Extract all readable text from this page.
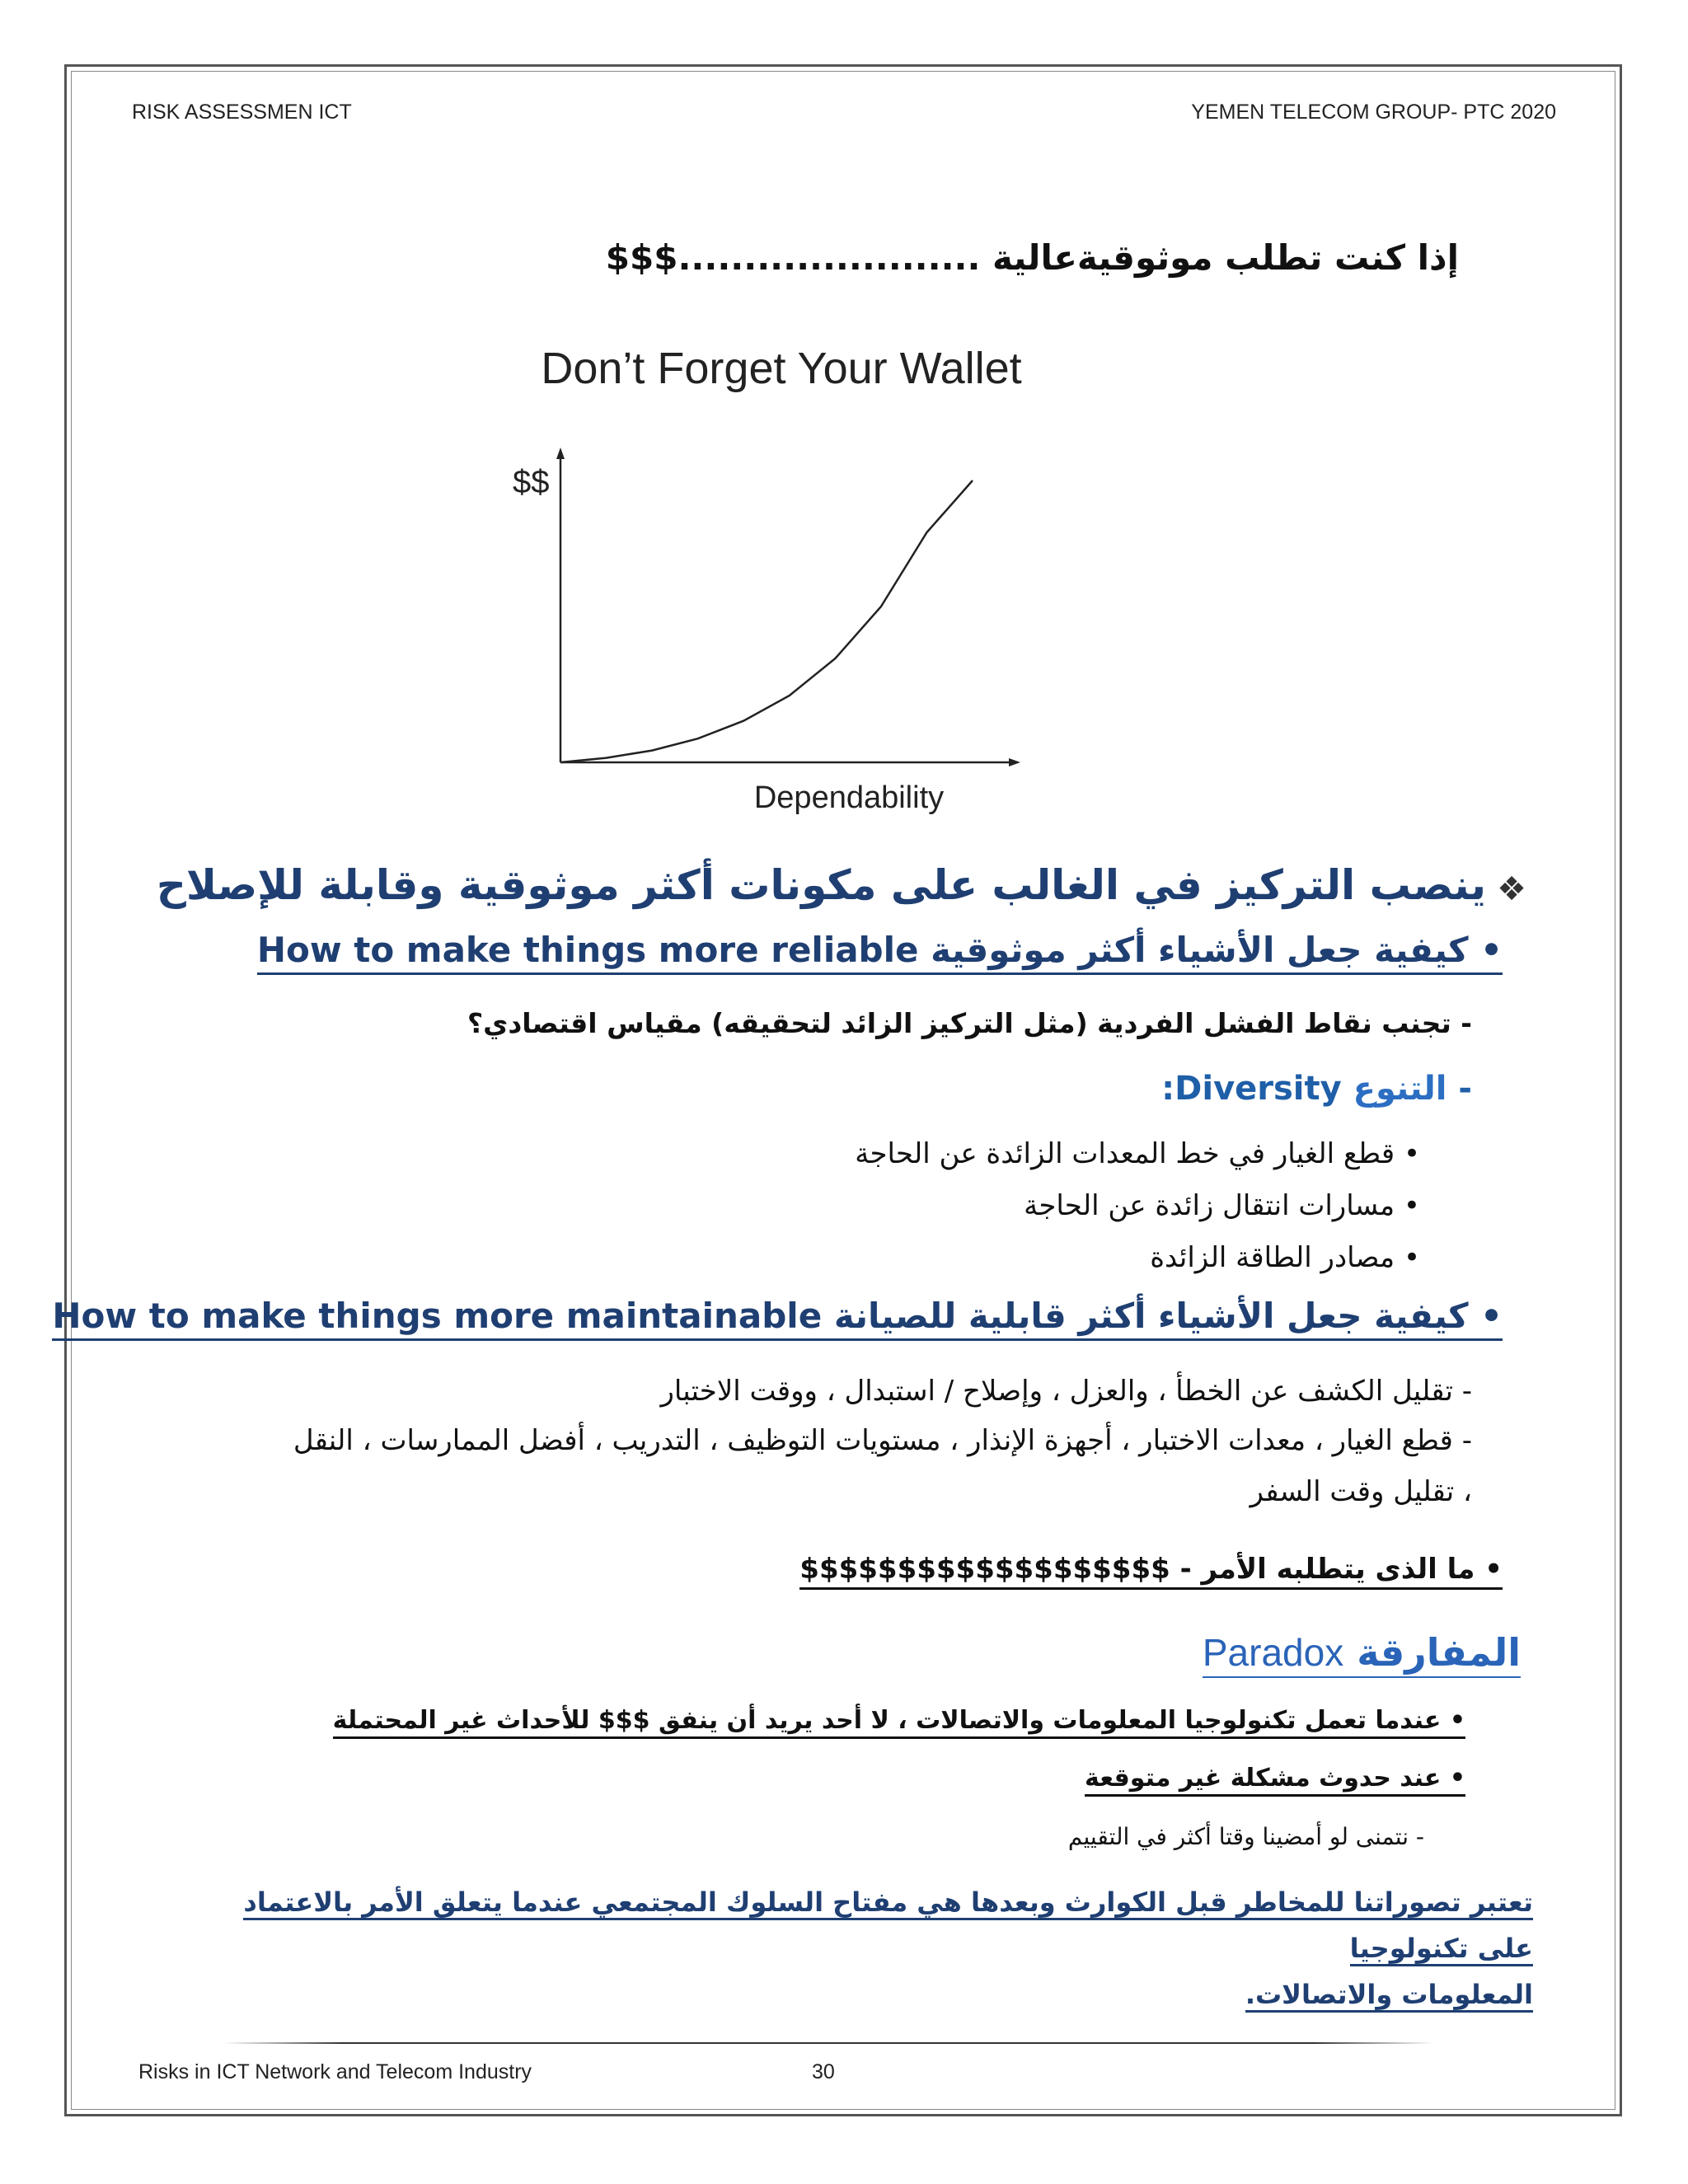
RISK ASSESSMEN ICT	YEMEN TELECOM GROUP- PTC 2020
إذا كنت تطلب موثوقيةعالية .......................$$$
Don’t Forget Your Wallet
$$
Dependability
❖
ينصب التركيز في الغالب على مكونات أكثر موثوقية وقابلة للإصلاح
• كيفية جعل الأشياء أكثر موثوقية How to make things more reliable
- تجنب نقاط الفشل الفردية (مثل التركيز الزائد لتحقيقه) مقياس اقتصادي؟
- التنوع Diversity:
• قطع الغيار في خط المعدات الزائدة عن الحاجة
• مسارات انتقال زائدة عن الحاجة
• مصادر الطاقة الزائدة
• كيفية جعل الأشياء أكثر قابلية للصيانة How to make things more maintainable
- تقليل الكشف عن الخطأ ، والعزل ، وإصلاح / استبدال ، ووقت الاختبار
- قطع الغيار ، معدات الاختبار ، أجهزة الإنذار ، مستويات التوظيف ، التدريب ، أفضل الممارسات ، النقل
، تقليل وقت السفر
• ما الذى يتطلبه الأمر - $$$$$$$$$$$$$$$$$$$
المفارقة Paradox
• عندما تعمل تكنولوجيا المعلومات والاتصالات ، لا أحد يريد أن ينفق $$$ للأحداث غير المحتملة
• عند حدوث مشكلة غير متوقعة
- نتمنى لو أمضينا وقتا أكثر في التقييم
تعتبر تصوراتنا للمخاطر قبل الكوارث وبعدها هي مفتاح السلوك المجتمعي عندما يتعلق الأمر بالاعتماد على تكنولوجيا
المعلومات والاتصالات.
Risks in ICT Network and Telecom Industry	30
